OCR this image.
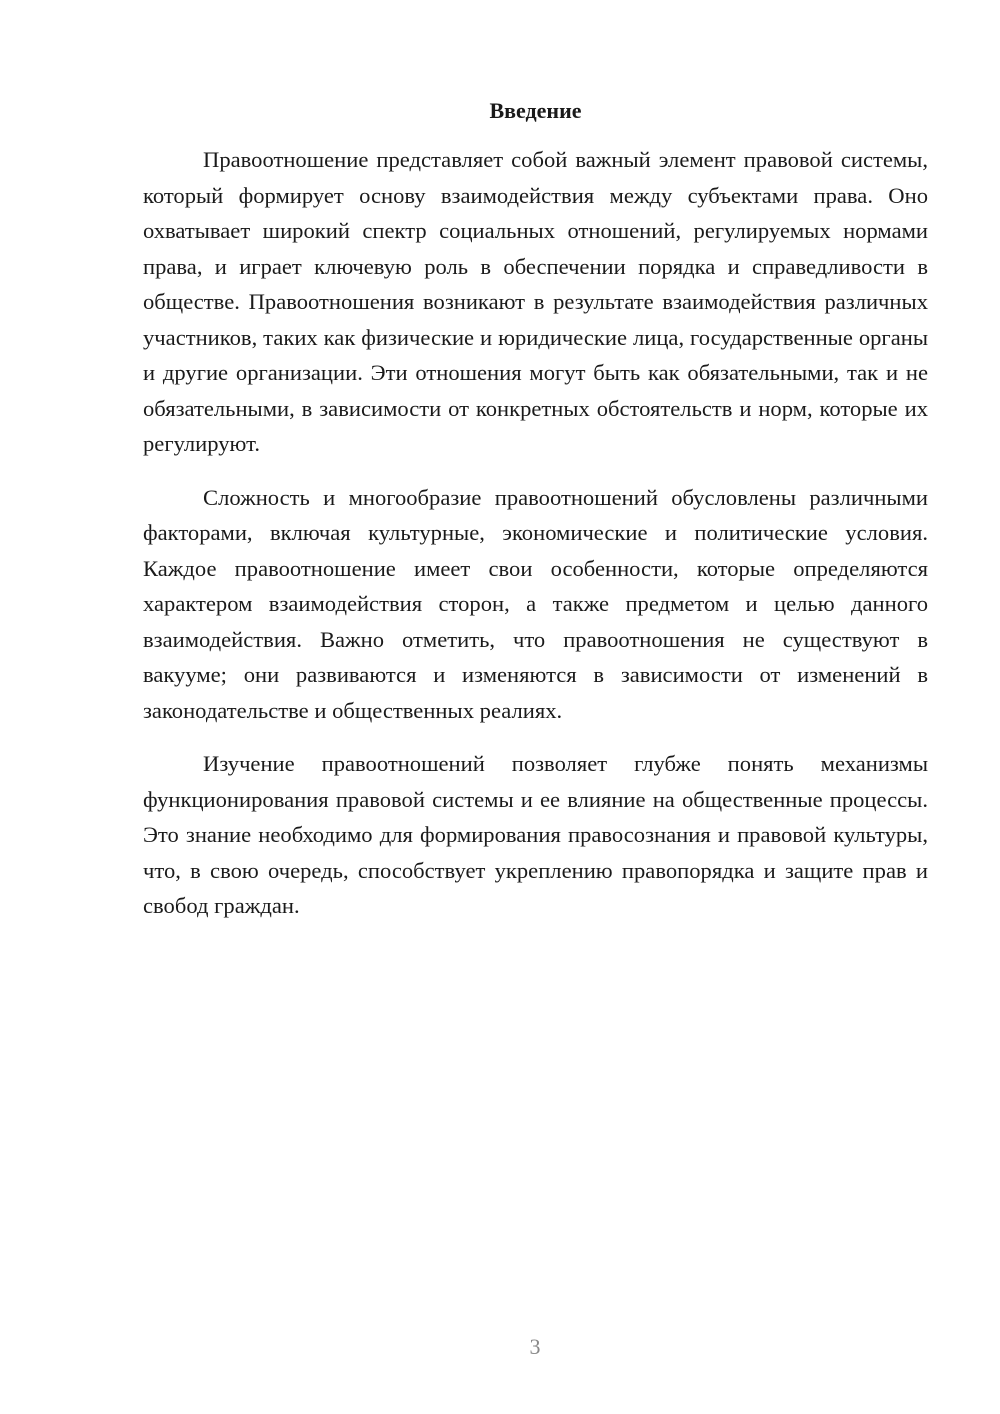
Введение

Правоотношение представляет собой важный элемент правовой системы, который формирует основу взаимодействия между субъектами права. Оно охватывает широкий спектр социальных отношений, регулируемых нормами права, и играет ключевую роль в обеспечении порядка и справедливости в обществе. Правоотношения возникают в результате взаимодействия различных участников, таких как физические и юридические лица, государственные органы и другие организации. Эти отношения могут быть как обязательными, так и не обязательными, в зависимости от конкретных обстоятельств и норм, которые их регулируют.

Сложность и многообразие правоотношений обусловлены различными факторами, включая культурные, экономические и политические условия. Каждое правоотношение имеет свои особенности, которые определяются характером взаимодействия сторон, а также предметом и целью данного взаимодействия. Важно отметить, что правоотношения не существуют в вакууме; они развиваются и изменяются в зависимости от изменений в законодательстве и общественных реалиях.

Изучение правоотношений позволяет глубже понять механизмы функционирования правовой системы и ее влияние на общественные процессы. Это знание необходимо для формирования правосознания и правовой культуры, что, в свою очередь, способствует укреплению правопорядка и защите прав и свобод граждан.

3
